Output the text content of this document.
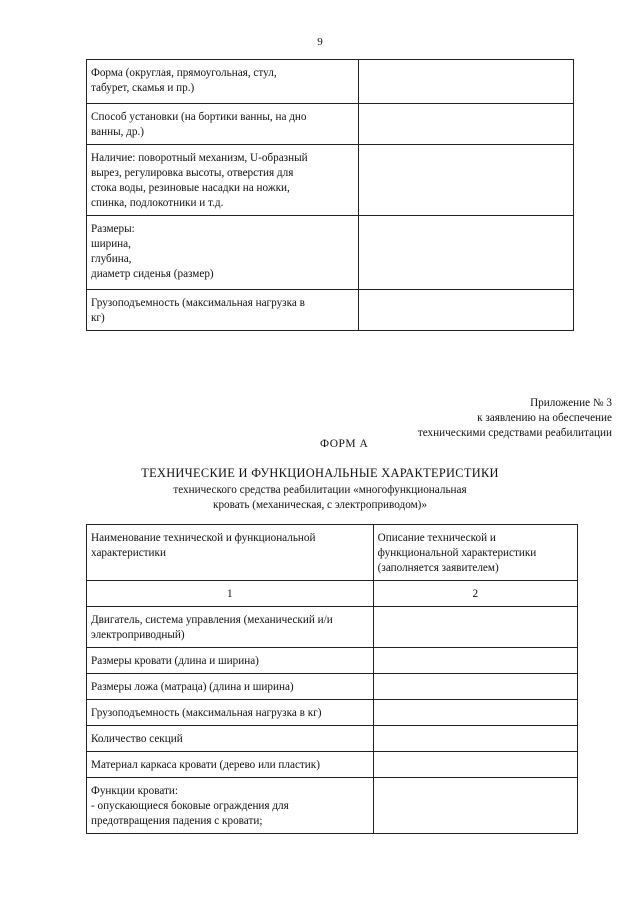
9
Форма (округлая, прямоугольная, стул,
табурет, скамья и пр.)	
Способ установки (на бортики ванны, на дно
ванны, др.)	
Наличие: поворотный механизм, U-образный
вырез, регулировка высоты, отверстия для
стока воды, резиновые насадки на ножки,
спинка, подлокотники и т.д.	
Размеры:
ширина,
глубина,
диаметр сиденья (размер)	
Грузоподъемность (максимальная нагрузка в
кг)	
Приложение № 3
к заявлению на обеспечение
техническими средствами реабилитации
ФОРМ А
ТЕХНИЧЕСКИЕ И ФУНКЦИОНАЛЬНЫЕ ХАРАКТЕРИСТИКИ
технического средства реабилитации «многофункциональная
кровать (механическая, с электроприводом)»
Наименование технической и функциональной
характеристики	Описание технической и
функциональной характеристики
(заполняется заявителем)
1	2
Двигатель, система управления (механический и/и
электроприводный)	
Размеры кровати (длина и ширина)	
Размеры ложа (матраца) (длина и ширина)	
Грузоподъемность (максимальная нагрузка в кг)	
Количество секций	
Материал каркаса кровати (дерево или пластик)	
Функции кровати:
- опускающиеся боковые ограждения для
предотвращения падения с кровати;	
